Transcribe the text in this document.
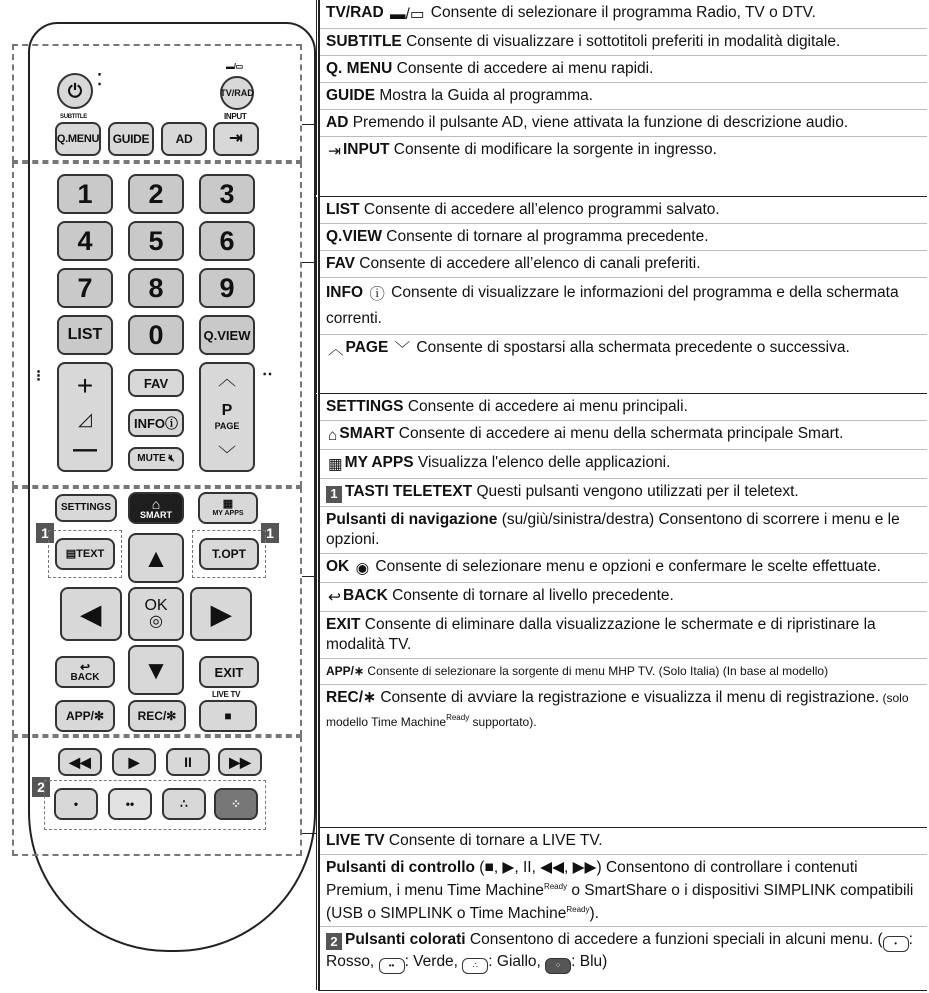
⏻
⁚
▬/▭
TV/RAD
SUBTITLE	INPUT
Q.MENU	GUIDE	AD	⇥
1	2	3
4	5	6
7	8	9
LIST	0	Q.VIEW
⁝	‥
+
◿
—
FAV
INFO ⓘ
MUTE 🔇︎
︿
P
PAGE
﹀
SETTINGS	⌂
SMART
▦
MY APPS
1	1
▤ TEXT	T.OPT
▲
◀	OK
◎	▶
▼
↩
BACK	EXIT
LIVE TV
APP/✻	REC/✻	■
◀◀	▶	II	▶▶
2
•	••	∴	⁘
TV/RAD ▬/▭ Consente di selezionare il programma Radio, TV o DTV.
SUBTITLE Consente di visualizzare i sottotitoli preferiti in modalità digitale.
Q. MENU Consente di accedere ai menu rapidi.
GUIDE Mostra la Guida al programma.
AD Premendo il pulsante AD, viene attivata la funzione di descrizione audio.
⇥ INPUT Consente di modificare la sorgente in ingresso.
LIST Consente di accedere all’elenco programmi salvato.
Q.VIEW Consente di tornare al programma precedente.
FAV Consente di accedere all’elenco di canali preferiti.
INFO ⓘ Consente di visualizzare le informazioni del programma e della schermata correnti.
︿ PAGE ﹀ Consente di spostarsi alla schermata precedente o successiva.
SETTINGS Consente di accedere ai menu principali.
⌂ SMART Consente di accedere ai menu della schermata principale Smart.
▦ MY APPS Visualizza l'elenco delle applicazioni.
1 TASTI TELETEXT Questi pulsanti vengono utilizzati per il teletext.
Pulsanti di navigazione (su/giù/sinistra/destra) Consentono di scorrere i menu e le opzioni.
OK ◉ Consente di selezionare menu e opzioni e confermare le scelte effettuate.
↩ BACK Consente di tornare al livello precedente.
EXIT Consente di eliminare dalla visualizzazione le schermate e di ripristinare la modalità TV.
APP/∗ Consente di selezionare la sorgente di menu MHP TV. (Solo Italia) (In base al modello)
REC/∗ Consente di avviare la registrazione e visualizza il menu di registrazione. (solo modello Time Machine$^{Ready}$ supportato).
LIVE TV Consente di tornare a LIVE TV.
Pulsanti di controllo (■, ▶, II, ◀◀, ▶▶) Consentono di controllare i contenuti Premium, i menu Time Machine$^{Ready}$ o SmartShare o i dispositivi SIMPLINK compatibili (USB o SIMPLINK o Time Machine$^{Ready}$).
2 Pulsanti colorati Consentono di accedere a funzioni speciali in alcuni menu. ( • : Rosso, •• : Verde, ∴ : Giallo, ⁘ : Blu)
